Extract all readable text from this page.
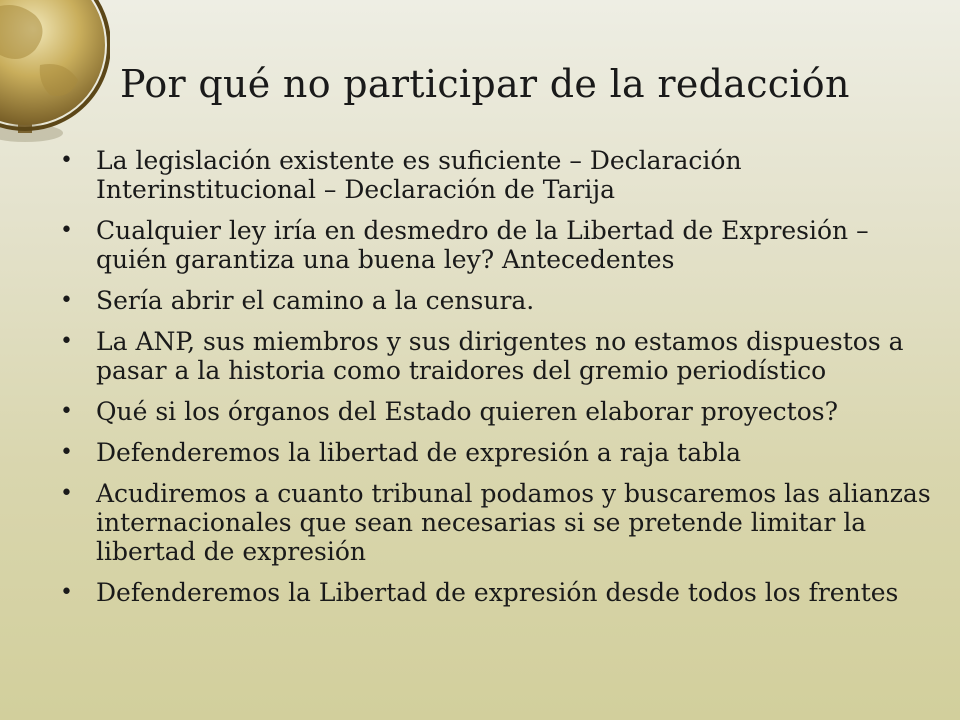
Por qué no participar de la redacción
• La legislación existente es suficiente – Declaración Interinstitucional – Declaración de Tarija
• Cualquier ley iría en desmedro de la Libertad de Expresión – quién garantiza una buena ley? Antecedentes
• Sería abrir el camino a la censura.
• La ANP, sus miembros y sus dirigentes no estamos dispuestos a pasar a la historia como traidores del gremio periodístico
• Qué si los órganos del Estado quieren elaborar proyectos?
• Defenderemos la libertad de expresión a raja tabla
• Acudiremos a cuanto tribunal podamos y buscaremos las alianzas internacionales que sean necesarias si se pretende limitar la libertad de expresión
• Defenderemos la Libertad de expresión desde todos los frentes
